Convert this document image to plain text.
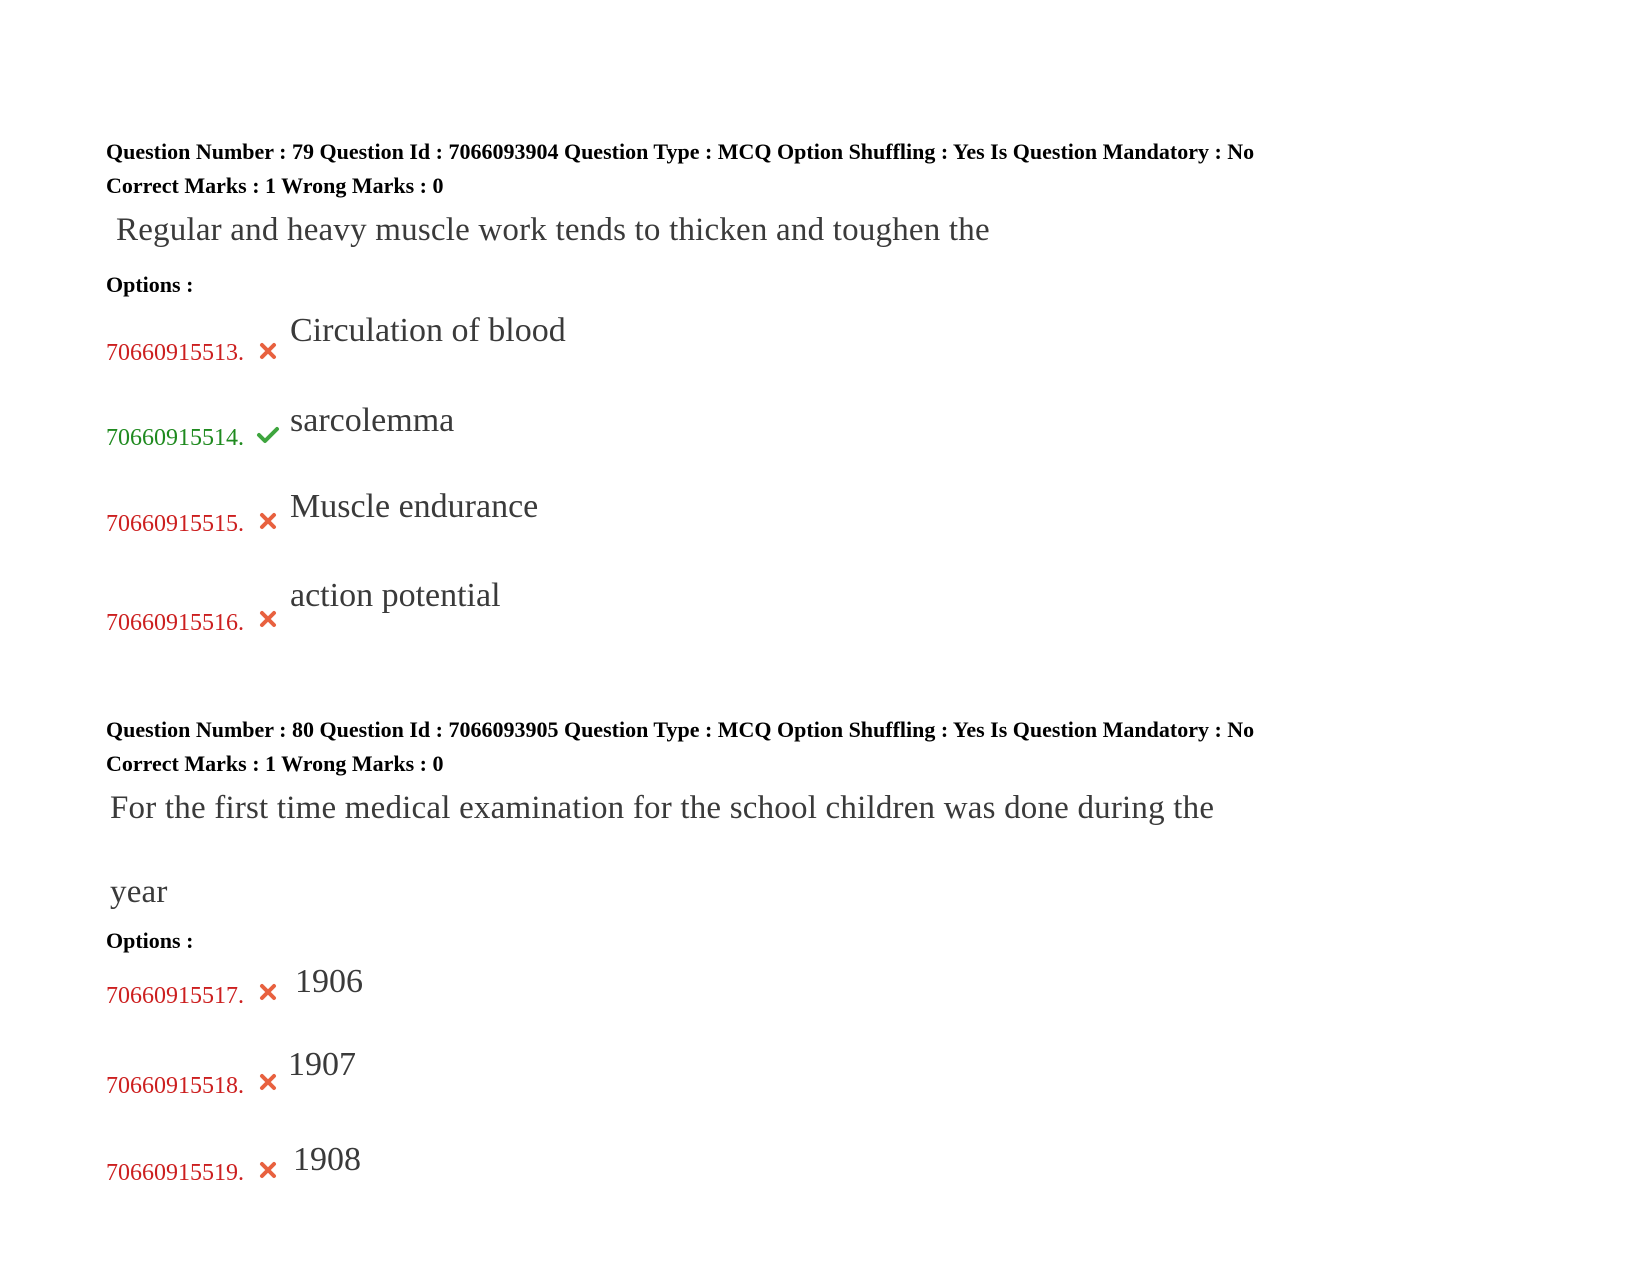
Question Number : 79 Question Id : 7066093904 Question Type : MCQ Option Shuffling : Yes Is Question Mandatory : No
Correct Marks : 1 Wrong Marks : 0
Regular and heavy muscle work tends to thicken and toughen the
Options :
70660915513.
Circulation of blood
70660915514. sarcolemma
70660915515. Muscle endurance
70660915516.
action potential
Question Number : 80 Question Id : 7066093905 Question Type : MCQ Option Shuffling : Yes Is Question Mandatory : No
Correct Marks : 1 Wrong Marks : 0
For the first time medical examination for the school children was done during the
year
Options :
70660915517. 1906
70660915518.
1907
70660915519. 1908
